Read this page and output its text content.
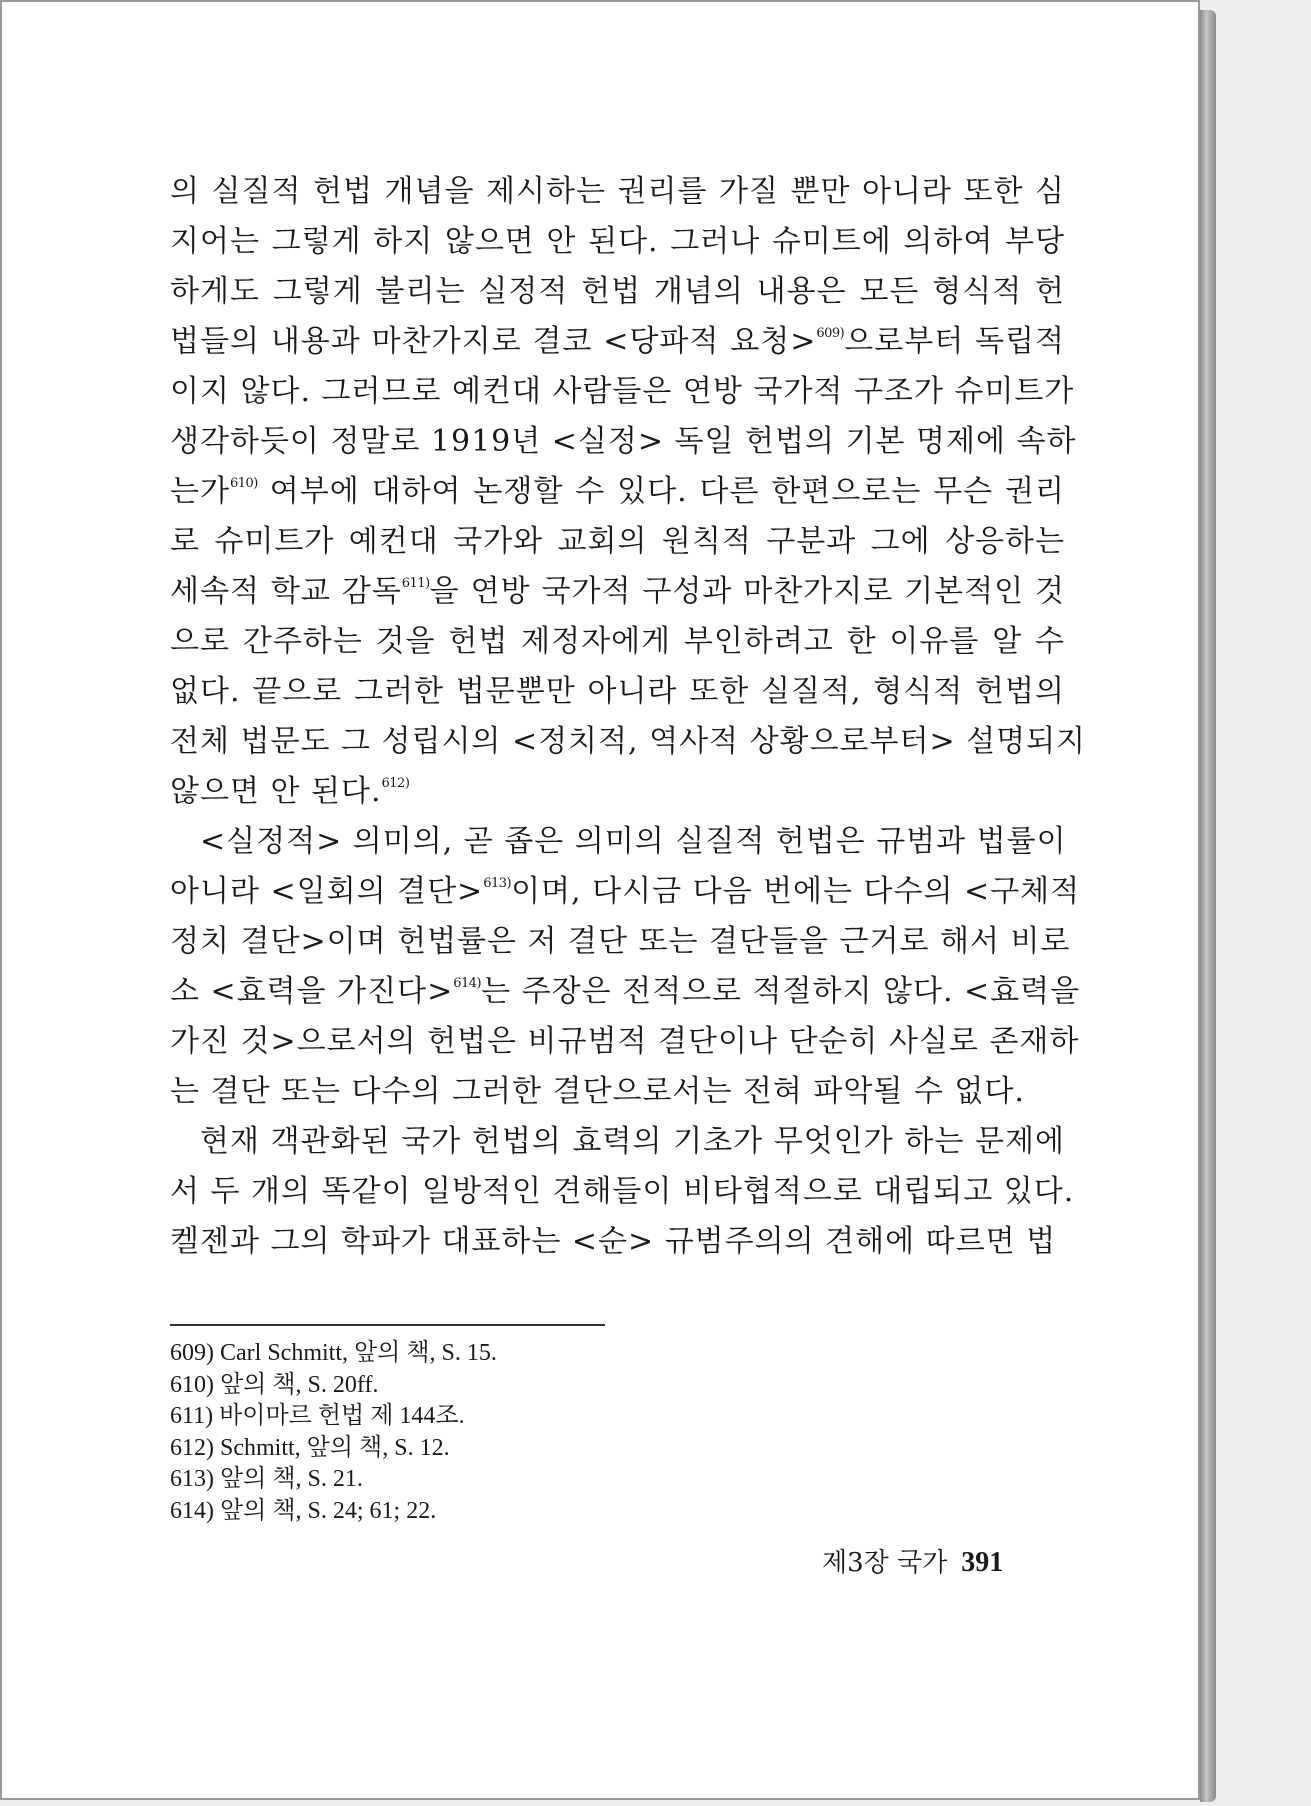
의 실질적 헌법 개념을 제시하는 권리를 가질 뿐만 아니라 또한 심
지어는 그렇게 하지 않으면 안 된다. 그러나 슈미트에 의하여 부당
하게도 그렇게 불리는 실정적 헌법 개념의 내용은 모든 형식적 헌
법들의 내용과 마찬가지로 결코 <당파적 요청>$^{609)}$으로부터 독립적
이지 않다. 그러므로 예컨대 사람들은 연방 국가적 구조가 슈미트가
생각하듯이 정말로 1919년 <실정> 독일 헌법의 기본 명제에 속하
는가$^{610)}$ 여부에 대하여 논쟁할 수 있다. 다른 한편으로는 무슨 권리
로 슈미트가 예컨대 국가와 교회의 원칙적 구분과 그에 상응하는
세속적 학교 감독$^{611)}$을 연방 국가적 구성과 마찬가지로 기본적인 것
으로 간주하는 것을 헌법 제정자에게 부인하려고 한 이유를 알 수
없다. 끝으로 그러한 법문뿐만 아니라 또한 실질적, 형식적 헌법의
전체 법문도 그 성립시의 <정치적, 역사적 상황으로부터> 설명되지
않으면 안 된다.$^{612)}$

<실정적> 의미의, 곧 좁은 의미의 실질적 헌법은 규범과 법률이
아니라 <일회의 결단>$^{613)}$이며, 다시금 다음 번에는 다수의 <구체적
정치 결단>이며 헌법률은 저 결단 또는 결단들을 근거로 해서 비로
소 <효력을 가진다>$^{614)}$는 주장은 전적으로 적절하지 않다. <효력을
가진 것>으로서의 헌법은 비규범적 결단이나 단순히 사실로 존재하
는 결단 또는 다수의 그러한 결단으로서는 전혀 파악될 수 없다.

현재 객관화된 국가 헌법의 효력의 기초가 무엇인가 하는 문제에
서 두 개의 똑같이 일방적인 견해들이 비타협적으로 대립되고 있다.
켈젠과 그의 학파가 대표하는 <순> 규범주의의 견해에 따르면 법

609) Carl Schmitt, 앞의 책, S. 15.
610) 앞의 책, S. 20ff.
611) 바이마르 헌법 제 144조.
612) Schmitt, 앞의 책, S. 12.
613) 앞의 책, S. 21.
614) 앞의 책, S. 24; 61; 22.
제3장 국가 391
